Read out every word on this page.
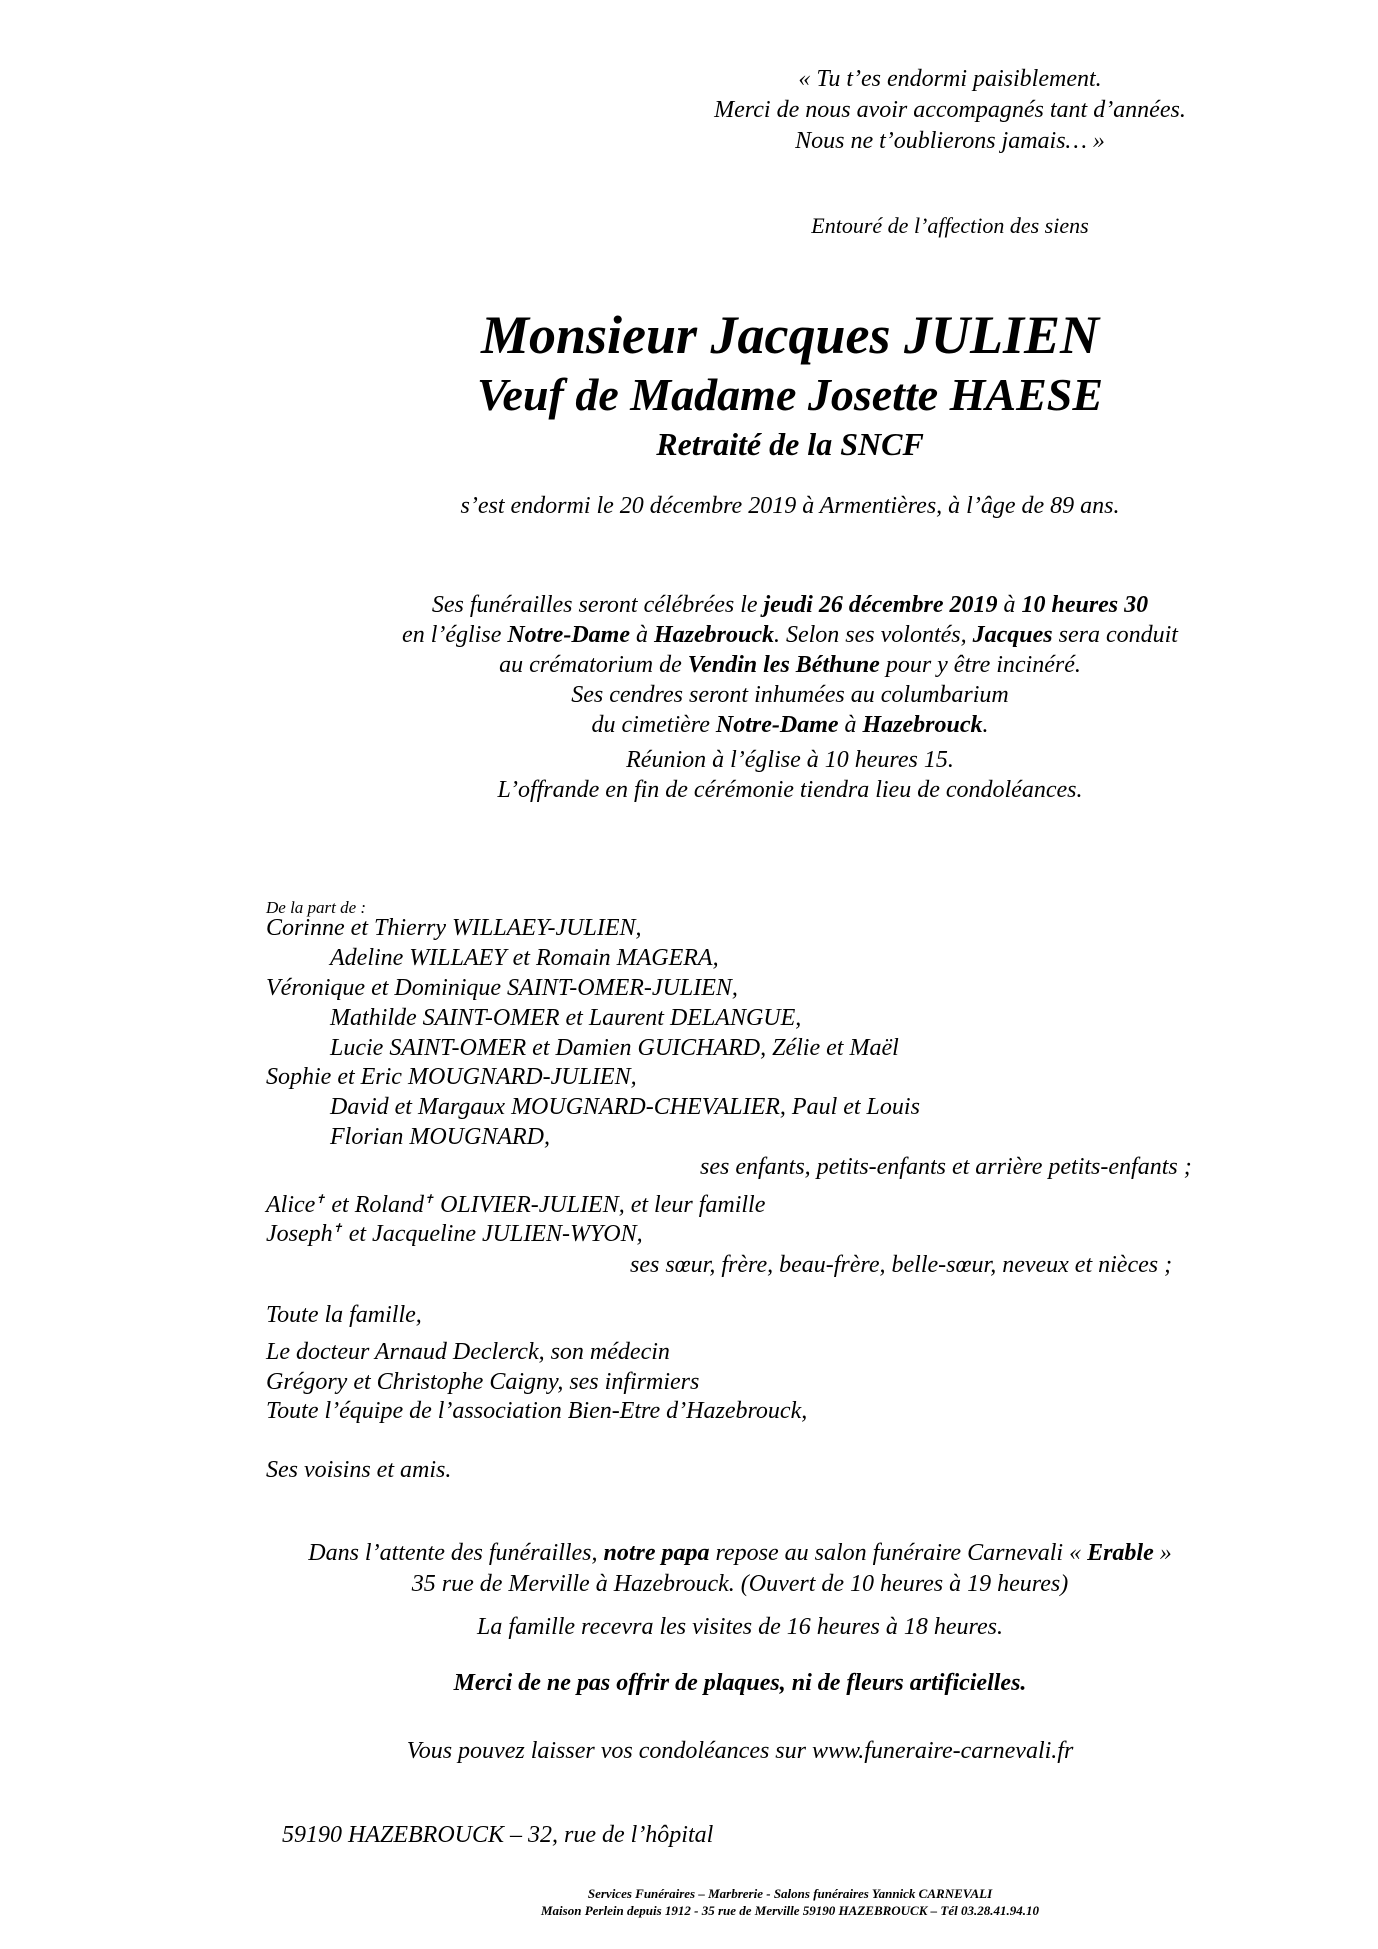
« Tu t’es endormi paisiblement.
Merci de nous avoir accompagnés tant d’années.
Nous ne t’oublierons jamais… »
Entouré de l’affection des siens
Monsieur Jacques JULIEN
Veuf de Madame Josette HAESE
Retraité de la SNCF
s’est endormi le 20 décembre 2019 à Armentières, à l’âge de 89 ans.
Ses funérailles seront célébrées le jeudi 26 décembre 2019 à 10 heures 30
en l’église Notre-Dame à Hazebrouck. Selon ses volontés, Jacques sera conduit
au crématorium de Vendin les Béthune pour y être incinéré.
Ses cendres seront inhumées au columbarium
du cimetière Notre-Dame à Hazebrouck.
Réunion à l’église à 10 heures 15.
L’offrande en fin de cérémonie tiendra lieu de condoléances.
De la part de :
Corinne et Thierry WILLAEY-JULIEN,
Adeline WILLAEY et Romain MAGERA,
Véronique et Dominique SAINT-OMER-JULIEN,
Mathilde SAINT-OMER et Laurent DELANGUE,
Lucie SAINT-OMER et Damien GUICHARD, Zélie et Maël
Sophie et Eric MOUGNARD-JULIEN,
David et Margaux MOUGNARD-CHEVALIER, Paul et Louis
Florian MOUGNARD,
ses enfants, petits-enfants et arrière petits-enfants ;
Alice✝ et Roland✝ OLIVIER-JULIEN, et leur famille
Joseph✝ et Jacqueline JULIEN-WYON,
ses sœur, frère, beau-frère, belle-sœur, neveux et nièces ;
Toute la famille,
Le docteur Arnaud Declerck, son médecin
Grégory et Christophe Caigny, ses infirmiers
Toute l’équipe de l’association Bien-Etre d’Hazebrouck,
Ses voisins et amis.
Dans l’attente des funérailles, notre papa repose au salon funéraire Carnevali « Erable »
35 rue de Merville à Hazebrouck. (Ouvert de 10 heures à 19 heures)
La famille recevra les visites de 16 heures à 18 heures.
Merci de ne pas offrir de plaques, ni de fleurs artificielles.
Vous pouvez laisser vos condoléances sur www.funeraire-carnevali.fr
59190 HAZEBROUCK – 32, rue de l’hôpital
Services Funéraires – Marbrerie - Salons funéraires Yannick CARNEVALI
Maison Perlein depuis 1912 - 35 rue de Merville 59190 HAZEBROUCK – Tél 03.28.41.94.10
